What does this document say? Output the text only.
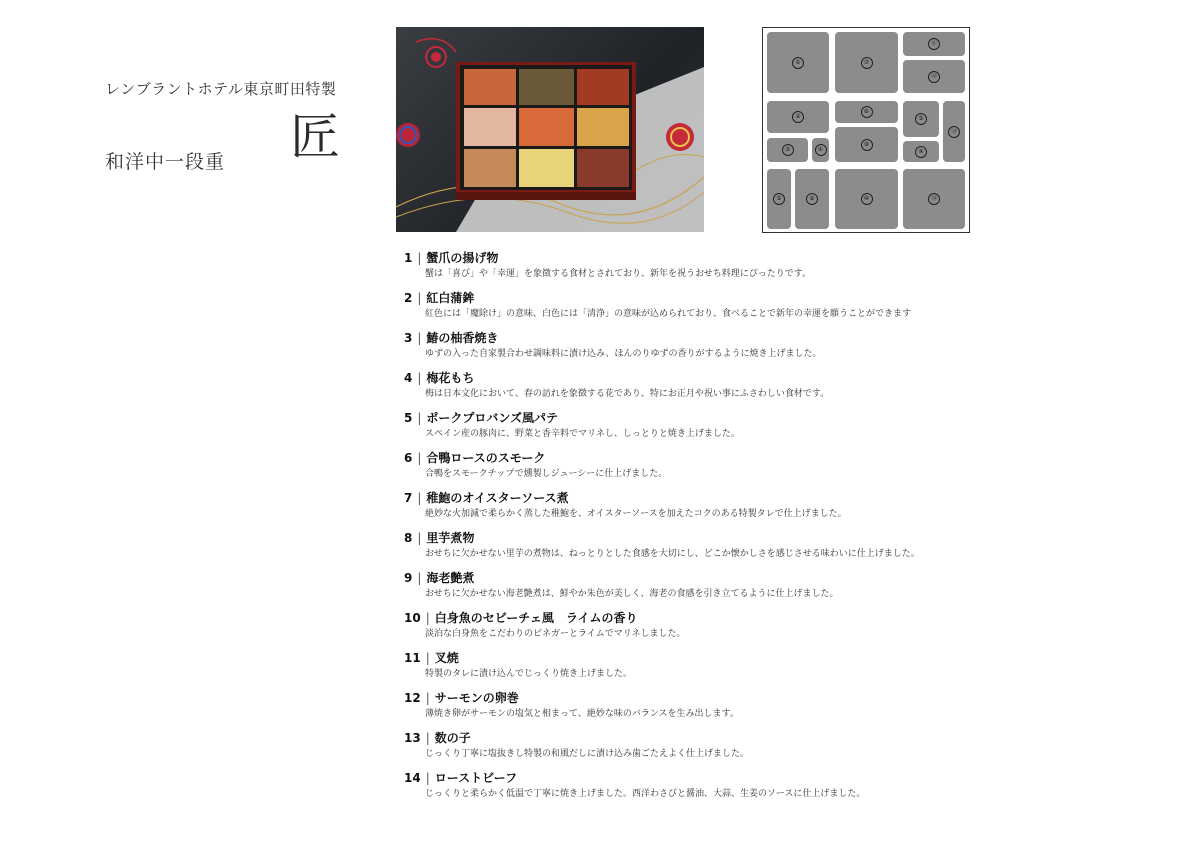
レンブラントホテル東京町田特製
和洋中一段重 匠
①	⑦
⑪
⑫
②
③	④
⑧
⑨
③
④
⑬
⑤	⑥	⑩	⑭
1 | 蟹爪の揚げ物
蟹は「喜び」や「幸運」を象徴する食材とされており、新年を祝うおせち料理にぴったりです。
2 | 紅白蒲鉾
紅色には「魔除け」の意味、白色には「清浄」の意味が込められており、食べることで新年の幸運を願うことができます
3 | 鰆の柚香焼き
ゆずの入った自家製合わせ調味料に漬け込み、ほんのりゆずの香りがするように焼き上げました。
4 | 梅花もち
梅は日本文化において、春の訪れを象徴する花であり、特にお正月や祝い事にふさわしい食材です。
5 | ポークプロバンズ風パテ
スペイン産の豚肉に、野菜と香辛料でマリネし、しっとりと焼き上げました。
6 | 合鴨ロースのスモーク
合鴨をスモークチップで燻製しジューシーに仕上げました。
7 | 稚鮑のオイスターソース煮
絶妙な火加減で柔らかく蒸した稚鮑を、オイスターソースを加えたコクのある特製タレで仕上げました。
8 | 里芋煮物
おせちに欠かせない里芋の煮物は、ねっとりとした食感を大切にし、どこか懐かしさを感じさせる味わいに仕上げました。
9 | 海老艶煮
おせちに欠かせない海老艶煮は、鮮やか朱色が美しく、海老の食感を引き立てるように仕上げました。
10 | 白身魚のセビーチェ風　ライムの香り
淡泊な白身魚をこだわりのビネガーとライムでマリネしました。
11 | 叉焼
特製のタレに漬け込んでじっくり焼き上げました。
12 | サーモンの卵巻
薄焼き卵がサーモンの塩気と相まって、絶妙な味のバランスを生み出します。
13 | 数の子
じっくり丁寧に塩抜きし特製の和風だしに漬け込み歯ごたえよく仕上げました。
14 | ローストビーフ
じっくりと柔らかく低温で丁寧に焼き上げました。西洋わさびと醤油、大蒜、生姜のソースに仕上げました。
